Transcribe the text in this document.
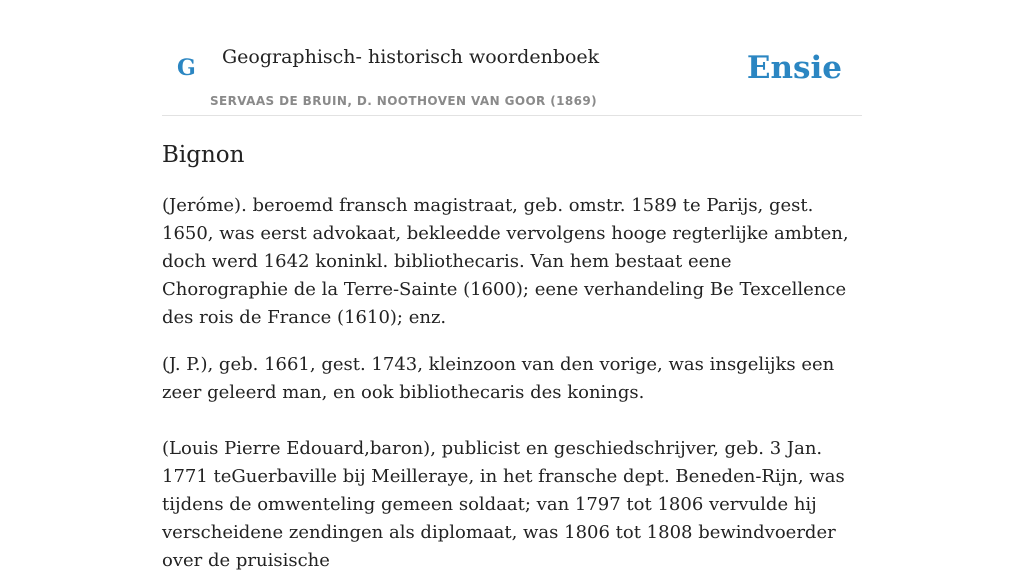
G Geographisch- historisch woordenboek
SERVAAS DE BRUIN, D. NOOTHOVEN VAN GOOR (1869)
Ensie
Bignon

(Jeróme). beroemd fransch magistraat, geb. omstr. 1589 te Parijs, gest. 1650, was eerst advokaat, bekleedde vervolgens hooge regterlijke ambten, doch werd 1642 koninkl. bibliothecaris. Van hem bestaat eene Chorographie de la Terre-Sainte (1600); eene verhandeling Be Texcellence des rois de France (1610); enz.

(J. P.), geb. 1661, gest. 1743, kleinzoon van den vorige, was insgelijks een zeer geleerd man, en ook bibliothecaris des konings.

(Louis Pierre Edouard,baron), publicist en geschiedschrijver, geb. 3 Jan. 1771 teGuerbaville bij Meilleraye, in het fransche dept. Beneden-Rijn, was tijdens de omwenteling gemeen soldaat; van 1797 tot 1806 vervulde hij verscheidene zendingen als diplomaat, was 1806 tot 1808 bewindvoerder over de pruisische
